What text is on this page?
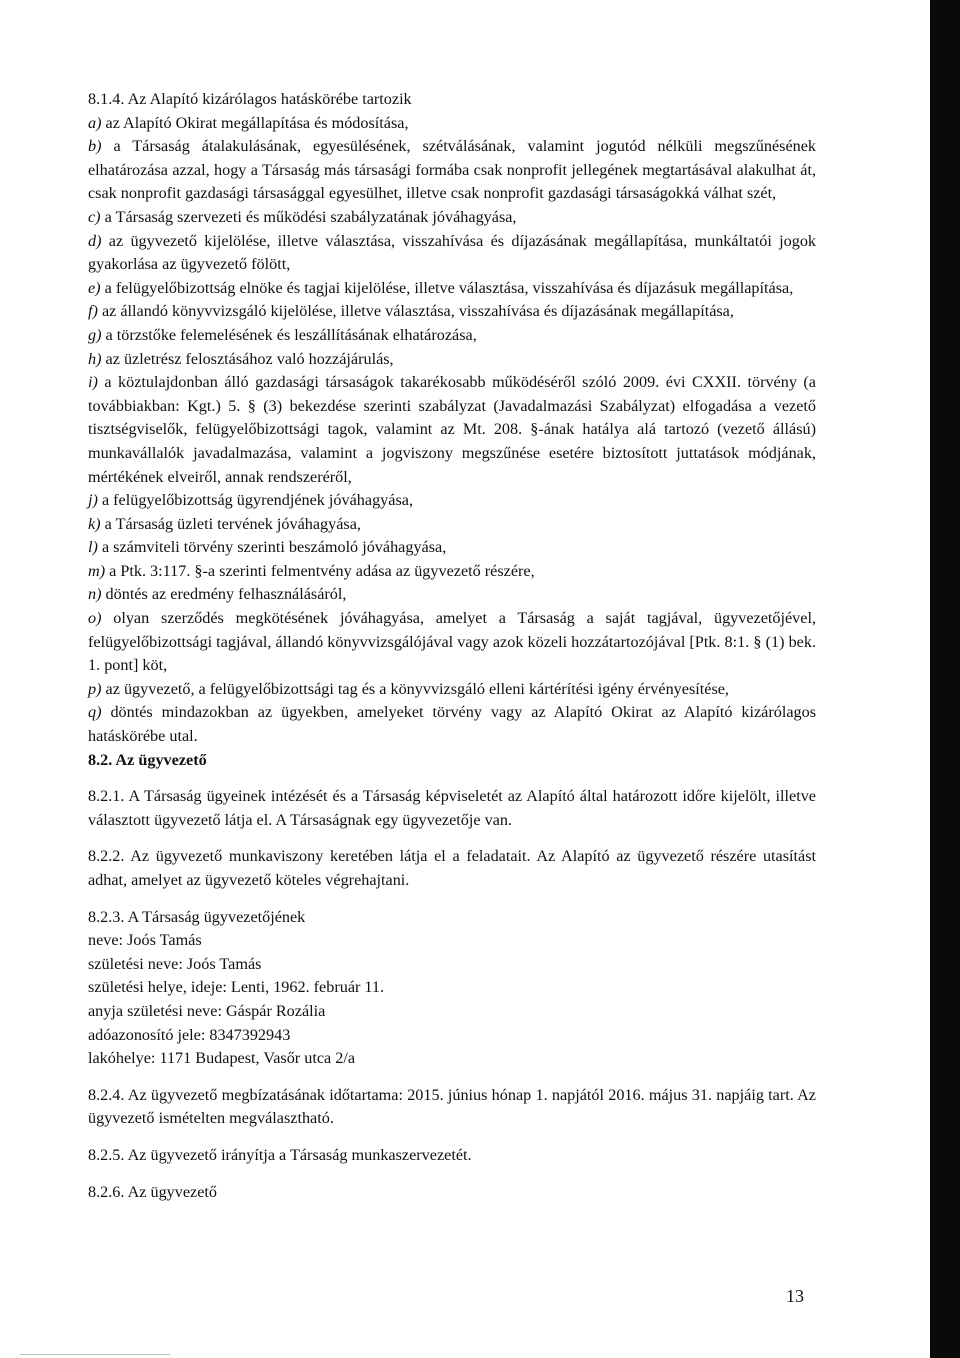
8.1.4. Az Alapító kizárólagos hatáskörébe tartozik

a) az Alapító Okirat megállapítása és módosítása,

b) a Társaság átalakulásának, egyesülésének, szétválásának, valamint jogutód nélküli megszűnésének elhatározása azzal, hogy a Társaság más társasági formába csak nonprofit jellegének megtartásával alakulhat át, csak nonprofit gazdasági társasággal egyesülhet, illetve csak nonprofit gazdasági társaságokká válhat szét,

c) a Társaság szervezeti és működési szabályzatának jóváhagyása,

d) az ügyvezető kijelölése, illetve választása, visszahívása és díjazásának megállapítása, munkáltatói jogok gyakorlása az ügyvezető fölött,

e) a felügyelőbizottság elnöke és tagjai kijelölése, illetve választása, visszahívása és díjazásuk megállapítása,

f) az állandó könyvvizsgáló kijelölése, illetve választása, visszahívása és díjazásának megállapítása,

g) a törzstőke felemelésének és leszállításának elhatározása,

h) az üzletrész felosztásához való hozzájárulás,

i) a köztulajdonban álló gazdasági társaságok takarékosabb működéséről szóló 2009. évi CXXII. törvény (a továbbiakban: Kgt.) 5. § (3) bekezdése szerinti szabályzat (Javadalmazási Szabályzat) elfogadása a vezető tisztségviselők, felügyelőbizottsági tagok, valamint az Mt. 208. §-ának hatálya alá tartozó (vezető állású) munkavállalók javadalmazása, valamint a jogviszony megszűnése esetére biztosított juttatások módjának, mértékének elveiről, annak rendszeréről,

j) a felügyelőbizottság ügyrendjének jóváhagyása,

k) a Társaság üzleti tervének jóváhagyása,

l) a számviteli törvény szerinti beszámoló jóváhagyása,

m) a Ptk. 3:117. §-a szerinti felmentvény adása az ügyvezető részére,

n) döntés az eredmény felhasználásáról,

o) olyan szerződés megkötésének jóváhagyása, amelyet a Társaság a saját tagjával, ügyvezetőjével, felügyelőbizottsági tagjával, állandó könyvvizsgálójával vagy azok közeli hozzátartozójával [Ptk. 8:1. § (1) bek. 1. pont] köt,

p) az ügyvezető, a felügyelőbizottsági tag és a könyvvizsgáló elleni kártérítési igény érvényesítése,

q) döntés mindazokban az ügyekben, amelyeket törvény vagy az Alapító Okirat az Alapító kizárólagos hatáskörébe utal.

8.2. Az ügyvezető

8.2.1. A Társaság ügyeinek intézését és a Társaság képviseletét az Alapító által határozott időre kijelölt, illetve választott ügyvezető látja el. A Társaságnak egy ügyvezetője van.

8.2.2. Az ügyvezető munkaviszony keretében látja el a feladatait. Az Alapító az ügyvezető részére utasítást adhat, amelyet az ügyvezető köteles végrehajtani.

8.2.3. A Társaság ügyvezetőjének

neve: Joós Tamás

születési neve: Joós Tamás

születési helye, ideje: Lenti, 1962. február 11.

anyja születési neve: Gáspár Rozália

adóazonosító jele: 8347392943

lakóhelye: 1171 Budapest, Vasőr utca 2/a

8.2.4. Az ügyvezető megbízatásának időtartama: 2015. június hónap 1. napjától 2016. május 31. napjáig tart. Az ügyvezető ismételten megválasztható.

8.2.5. Az ügyvezető irányítja a Társaság munkaszervezetét.

8.2.6. Az ügyvezető

13
